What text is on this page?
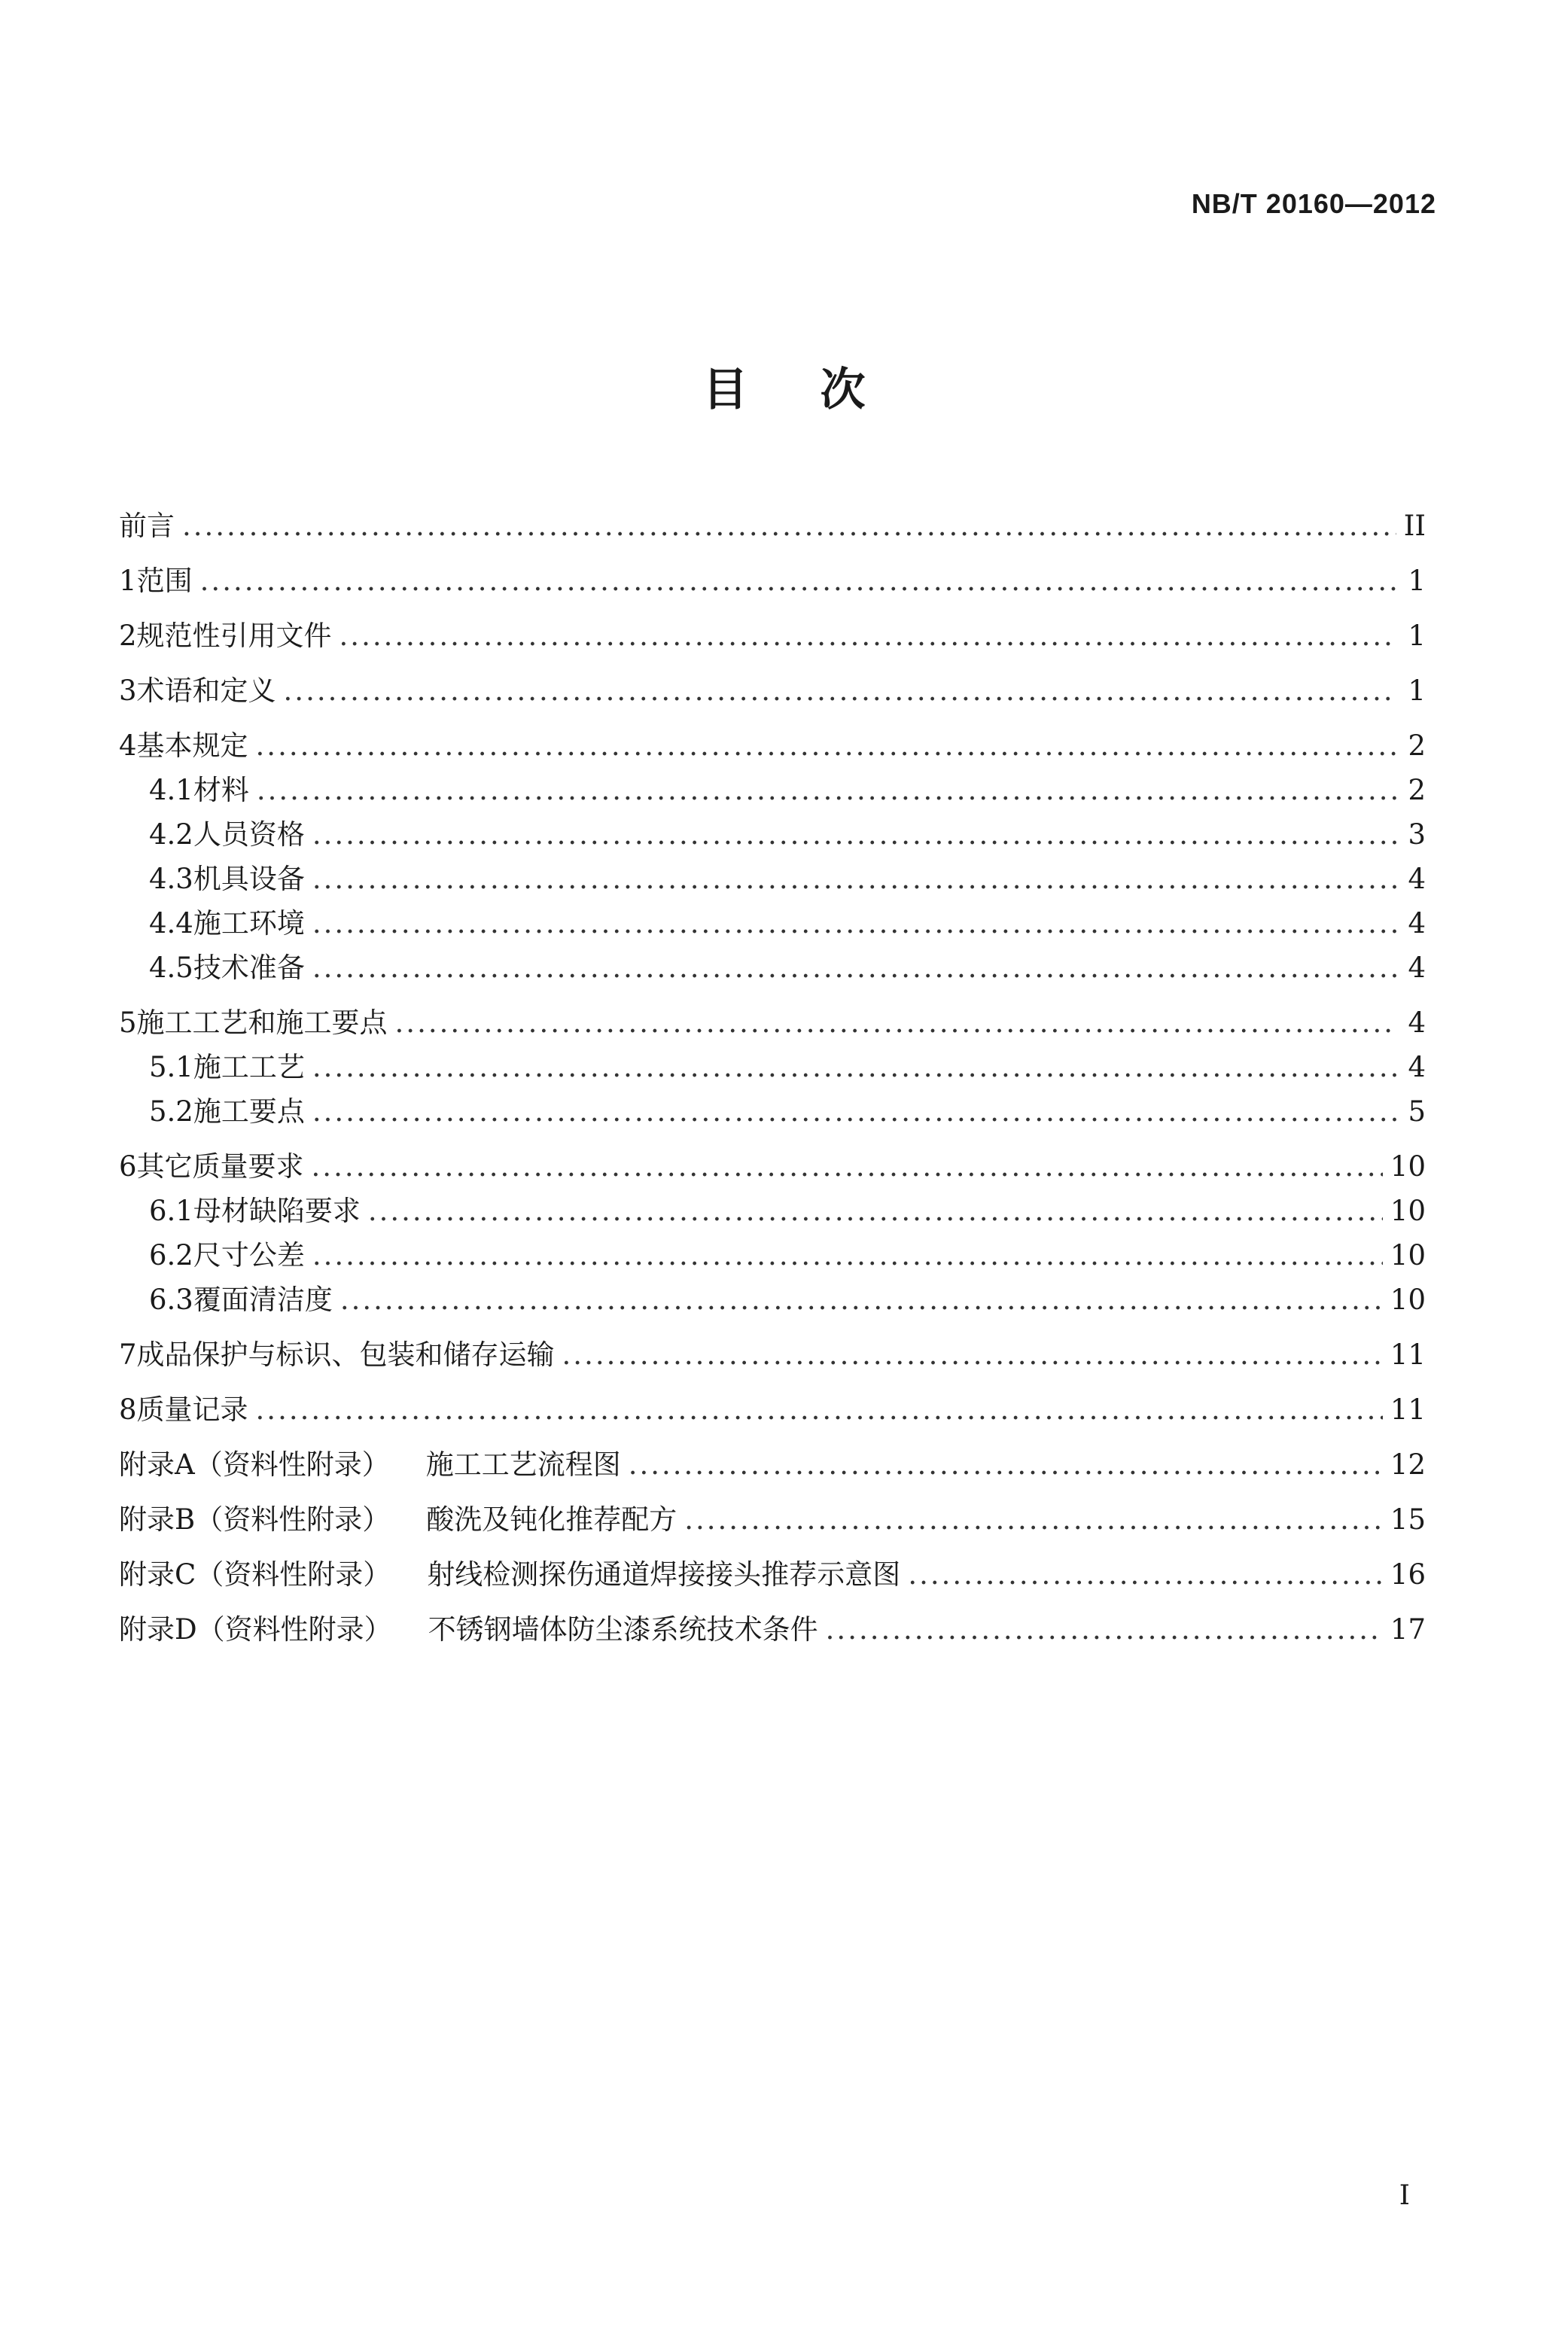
NB/T 20160—2012
目 次
前言 .....	II
1 范围 .....	1
2 规范性引用文件 .....	1
3 术语和定义 .....	1
4 基本规定 .....	2
4.1 材料 .....	2
4.2 人员资格 .....	3
4.3 机具设备 .....	4
4.4 施工环境 .....	4
4.5 技术准备 .....	4
5 施工工艺和施工要点 .....	4
5.1 施工工艺 .....	4
5.2 施工要点 .....	5
6 其它质量要求 .....	10
6.1 母材缺陷要求 .....	10
6.2 尺寸公差 .....	10
6.3 覆面清洁度 .....	10
7 成品保护与标识、包装和储存运输 .....	11
8 质量记录 .....	11
附录A（资料性附录） 施工工艺流程图 .....	12
附录B（资料性附录） 酸洗及钝化推荐配方 .....	15
附录C（资料性附录） 射线检测探伤通道焊接接头推荐示意图 .....	16
附录D（资料性附录） 不锈钢墙体防尘漆系统技术条件 .....	17
I
